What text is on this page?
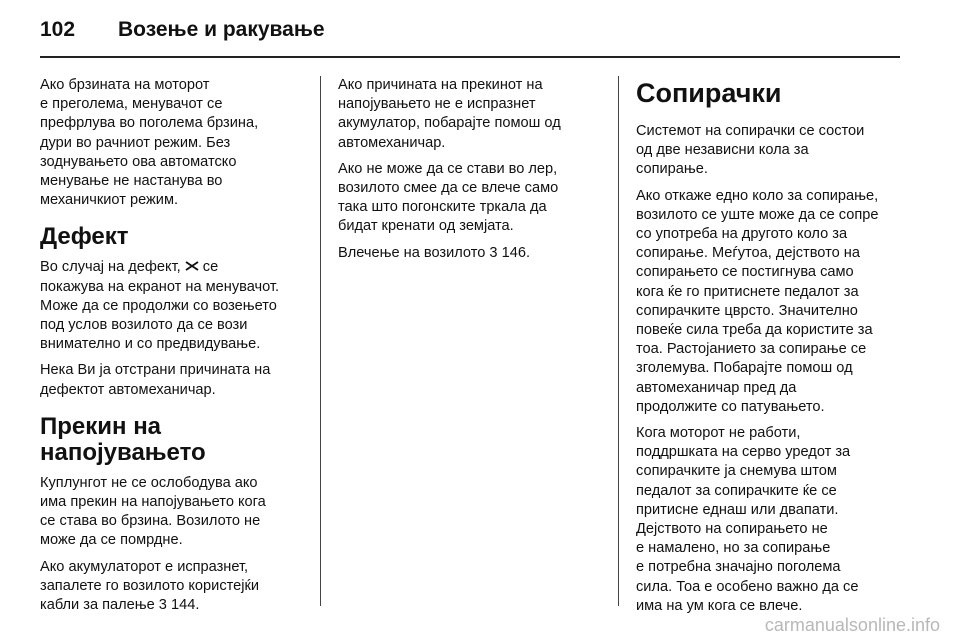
102 Возење и ракување

Ако брзината на моторот
е преголема, менувачот се
префрлува во поголема брзина,
дури во рачниот режим. Без
зоднувањето ова автоматско
менување не настанува во
механичкиот режим.

Дефект

Во случај на дефект,  се
покажува на екранот на менувачот.
Може да се продолжи со возењето
под услов возилото да се вози
внимателно и со предвидување.

Нека Ви ја отстрани причината на
дефектот автомеханичар.

Прекин на напојувањето

Куплунгот не се ослободува ако
има прекин на напојувањето кога
се става во брзина. Возилото не
може да се помрдне.

Ако акумулаторот е испразнет,
запалете го возилото користејќи
кабли за палење 3 144.

Ако причината на прекинот на
напојувањето не е испразнет
акумулатор, побарајте помош од
автомеханичар.

Ако не може да се стави во лер,
возилото смее да се влече само
така што погонските тркала да
бидат кренати од земјата.

Влечење на возилото 3 146.

Сопирачки

Системот на сопирачки се состои
од две независни кола за
сопирање.

Ако откаже едно коло за сопирање,
возилото се уште може да се сопре
со употреба на другото коло за
сопирање. Меѓутоа, дејството на
сопирањето се постигнува само
кога ќе го притиснете педалот за
сопирачките цврсто. Значително
повеќе сила треба да користите за
тоа. Растојанието за сопирање се
зголемува. Побарајте помош од
автомеханичар пред да
продолжите со патувањето.

Кога моторот не работи,
поддршката на серво уредот за
сопирачките ја снемува штом
педалот за сопирачките ќе се
притисне еднаш или двапати.
Дејството на сопирањето не
е намалено, но за сопирање
е потребна значајно поголема
сила. Тоа е особено важно да се
има на ум кога се влече.

carmanualsonline.info
